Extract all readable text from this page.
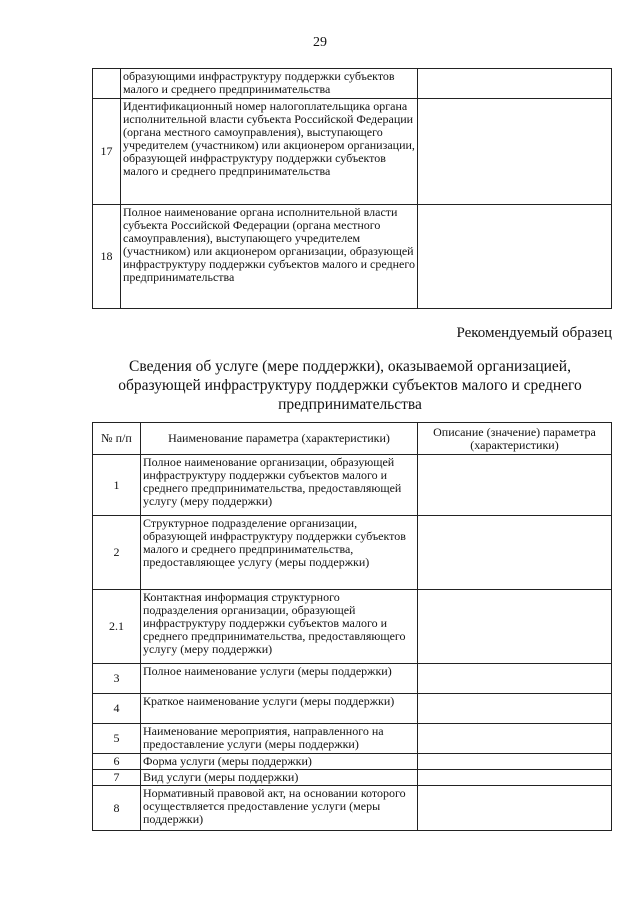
29
	образующими инфраструктуру поддержки субъектов малого и среднего предпринимательства	
17	Идентификационный номер налогоплательщика органа исполнительной власти субъекта Российской Федерации (органа местного самоуправления), выступающего учредителем (участником) или акционером организации, образующей инфраструктуру поддержки субъектов малого и среднего предпринимательства	
18	Полное наименование органа исполнительной власти субъекта Российской Федерации (органа местного самоуправления), выступающего учредителем (участником) или акционером организации, образующей инфраструктуру поддержки субъектов малого и среднего предпринимательства	
Рекомендуемый образец
Сведения об услуге (мере поддержки), оказываемой организацией, образующей инфраструктуру поддержки субъектов малого и среднего предпринимательства
№ п/п	Наименование параметра (характеристики)	Описание (значение) параметра (характеристики)
1	Полное наименование организации, образующей инфраструктуру поддержки субъектов малого и среднего предпринимательства, предоставляющей услугу (меру поддержки)	
2	Структурное подразделение организации, образующей инфраструктуру поддержки субъектов малого и среднего предпринимательства, предоставляющее услугу (меры поддержки)	
2.1	Контактная информация структурного подразделения организации, образующей инфраструктуру поддержки субъектов малого и среднего предпринимательства, предоставляющего услугу (меру поддержки)	
3	Полное наименование услуги (меры поддержки)	
4	Краткое наименование услуги (меры поддержки)	
5	Наименование мероприятия, направленного на предоставление услуги (меры поддержки)	
6	Форма услуги (меры поддержки)	
7	Вид услуги (меры поддержки)	
8	Нормативный правовой акт, на основании которого осуществляется предоставление услуги (меры поддержки)	
